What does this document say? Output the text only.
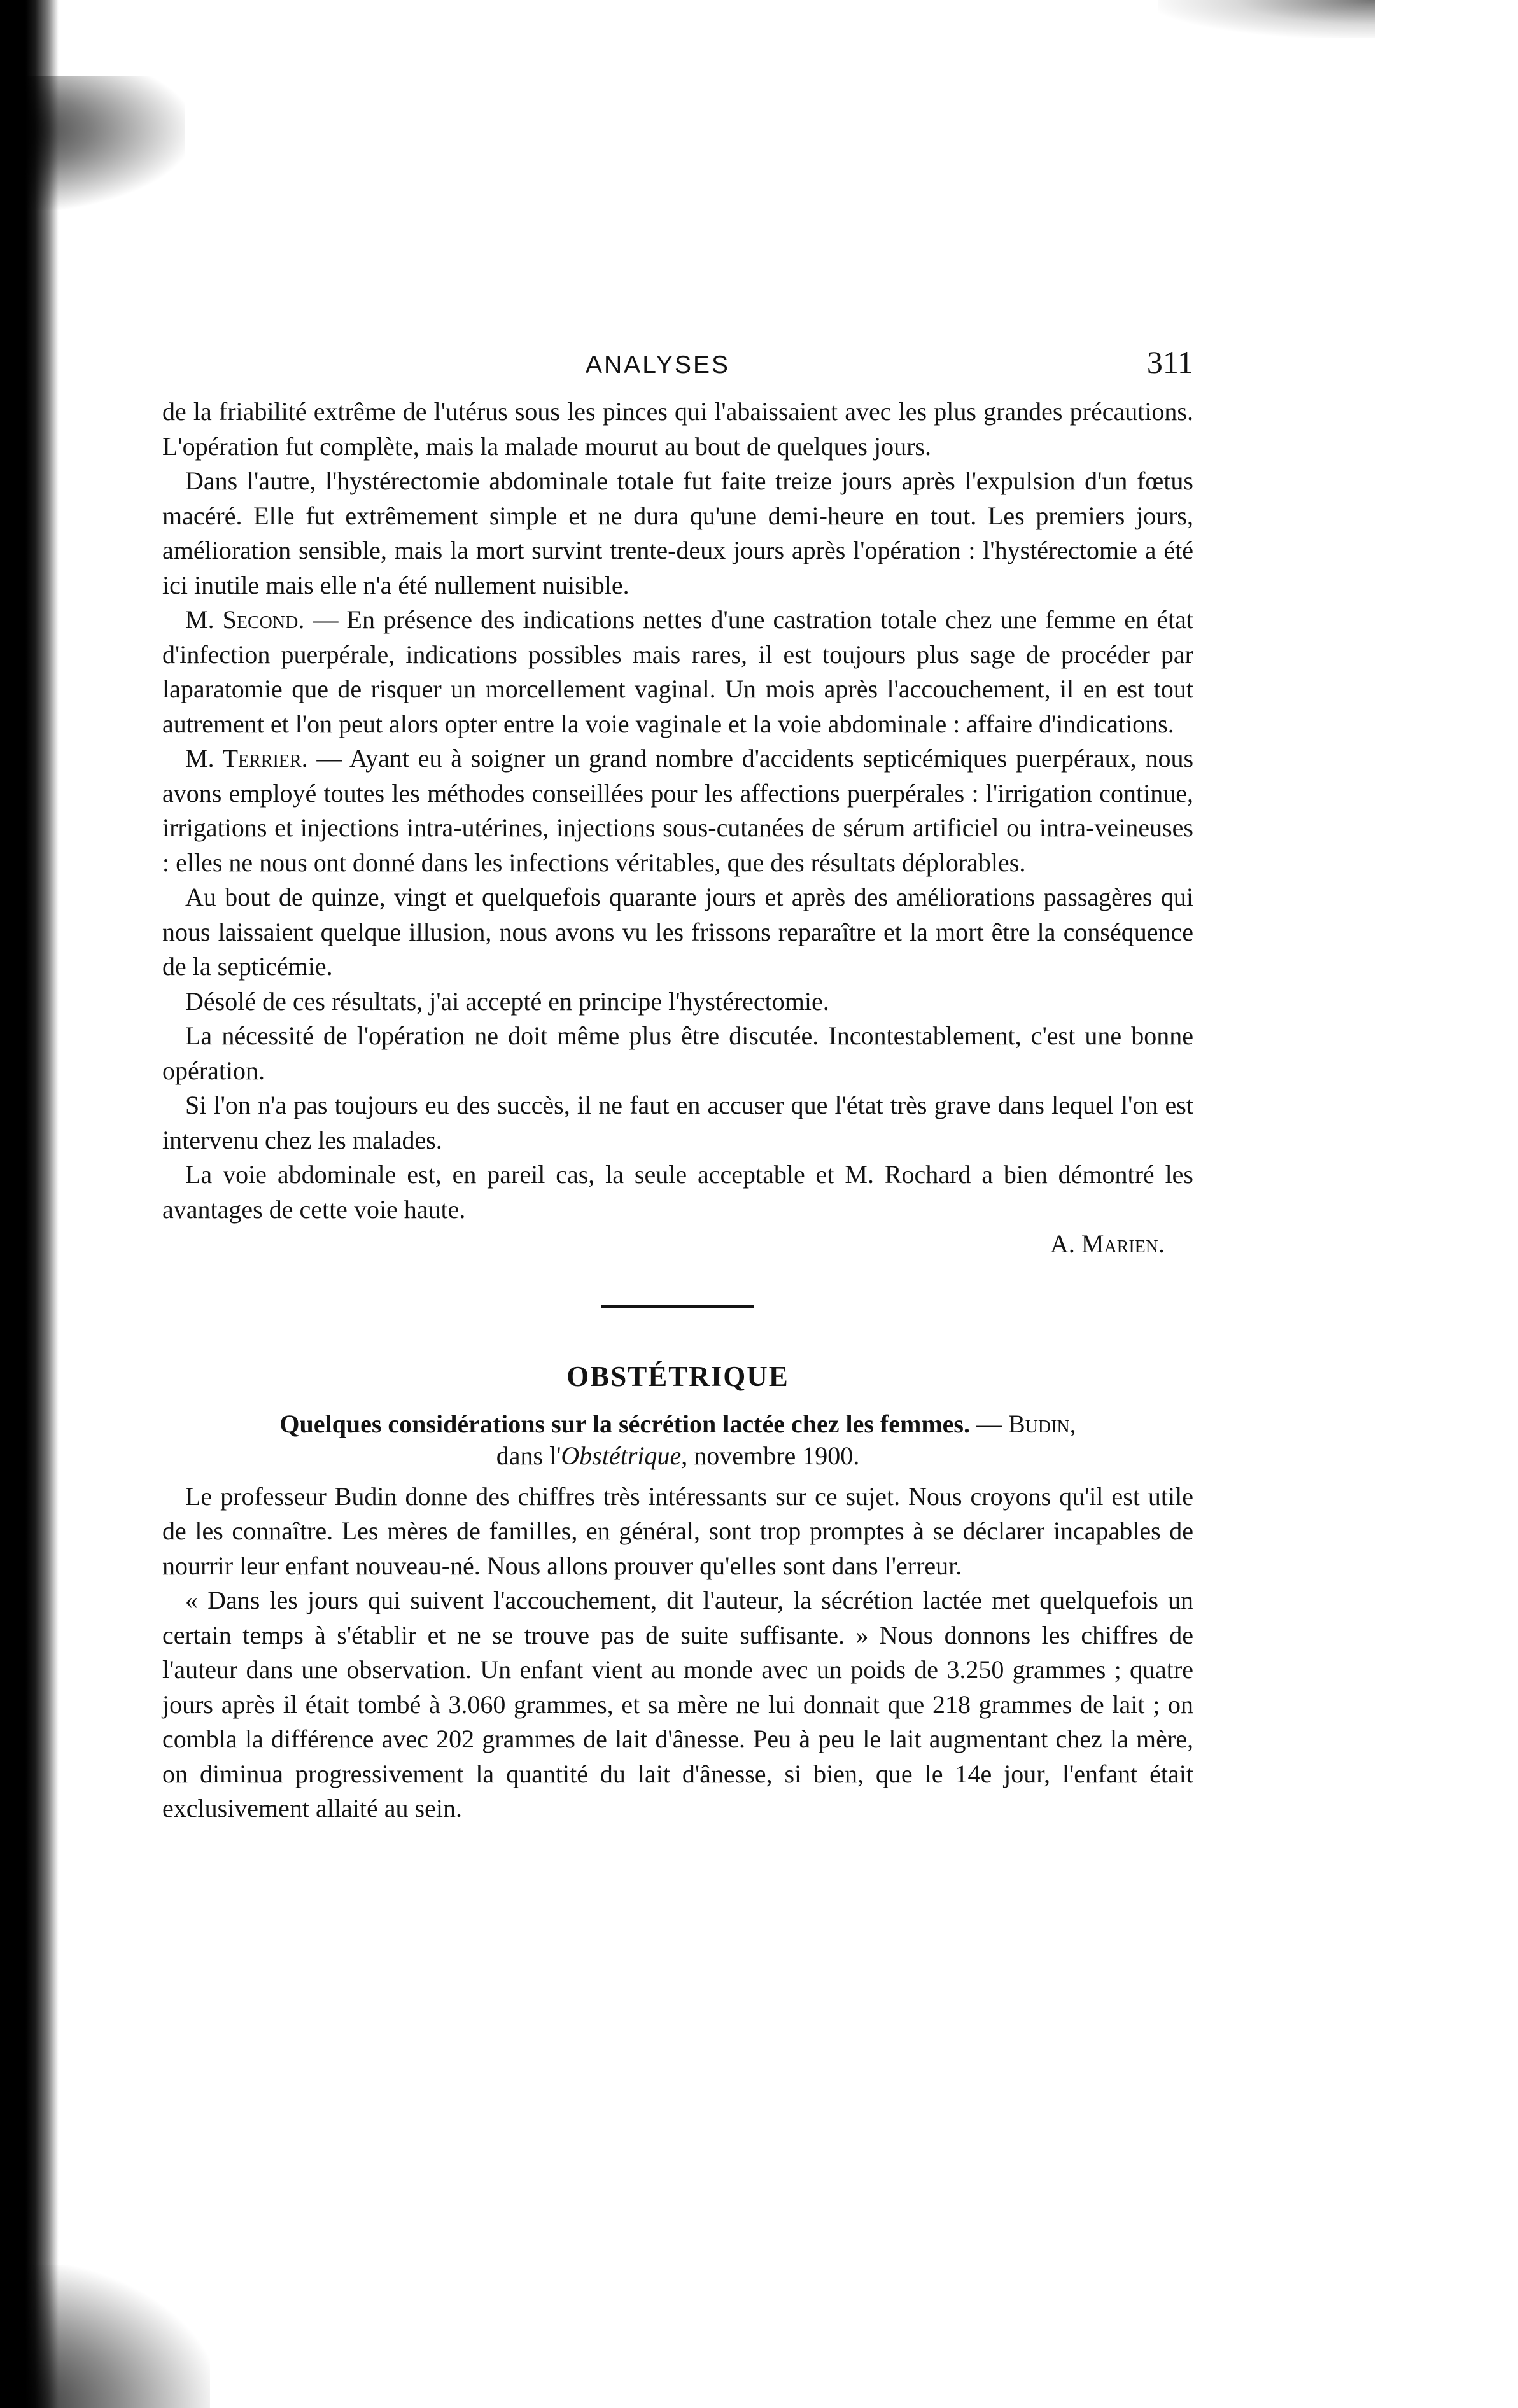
ANALYSES	311

de la friabilité extrême de l'utérus sous les pinces qui l'abaissaient avec les plus grandes précautions. L'opération fut complète, mais la malade mourut au bout de quelques jours.

Dans l'autre, l'hystérectomie abdominale totale fut faite treize jours après l'expulsion d'un fœtus macéré. Elle fut extrêmement simple et ne dura qu'une demi-heure en tout. Les premiers jours, amélioration sensible, mais la mort survint trente-deux jours après l'opération : l'hystérectomie a été ici inutile mais elle n'a été nullement nuisible.

M. Second. — En présence des indications nettes d'une castration totale chez une femme en état d'infection puerpérale, indications possibles mais rares, il est toujours plus sage de procéder par laparatomie que de risquer un morcellement vaginal. Un mois après l'accouchement, il en est tout autrement et l'on peut alors opter entre la voie vaginale et la voie abdominale : affaire d'indications.

M. Terrier. — Ayant eu à soigner un grand nombre d'accidents septicémiques puerpéraux, nous avons employé toutes les méthodes conseillées pour les affections puerpérales : l'irrigation continue, irrigations et injections intra-utérines, injections sous-cutanées de sérum artificiel ou intra-veineuses : elles ne nous ont donné dans les infections véritables, que des résultats déplorables.

Au bout de quinze, vingt et quelquefois quarante jours et après des améliorations passagères qui nous laissaient quelque illusion, nous avons vu les frissons reparaître et la mort être la conséquence de la septicémie.

Désolé de ces résultats, j'ai accepté en principe l'hystérectomie.

La nécessité de l'opération ne doit même plus être discutée. Incontestablement, c'est une bonne opération.

Si l'on n'a pas toujours eu des succès, il ne faut en accuser que l'état très grave dans lequel l'on est intervenu chez les malades.

La voie abdominale est, en pareil cas, la seule acceptable et M. Rochard a bien démontré les avantages de cette voie haute.

A. Marien.
OBSTÉTRIQUE
Quelques considérations sur la sécrétion lactée chez les femmes. — Budin,
dans l'Obstétrique, novembre 1900.

Le professeur Budin donne des chiffres très intéressants sur ce sujet. Nous croyons qu'il est utile de les connaître. Les mères de familles, en général, sont trop promptes à se déclarer incapables de nourrir leur enfant nouveau-né. Nous allons prouver qu'elles sont dans l'erreur.

« Dans les jours qui suivent l'accouchement, dit l'auteur, la sécrétion lactée met quelquefois un certain temps à s'établir et ne se trouve pas de suite suffisante. » Nous donnons les chiffres de l'auteur dans une observation. Un enfant vient au monde avec un poids de 3.250 grammes ; quatre jours après il était tombé à 3.060 grammes, et sa mère ne lui donnait que 218 grammes de lait ; on combla la différence avec 202 grammes de lait d'ânesse. Peu à peu le lait augmentant chez la mère, on diminua progressivement la quantité du lait d'ânesse, si bien, que le 14e jour, l'enfant était exclusivement allaité au sein.
